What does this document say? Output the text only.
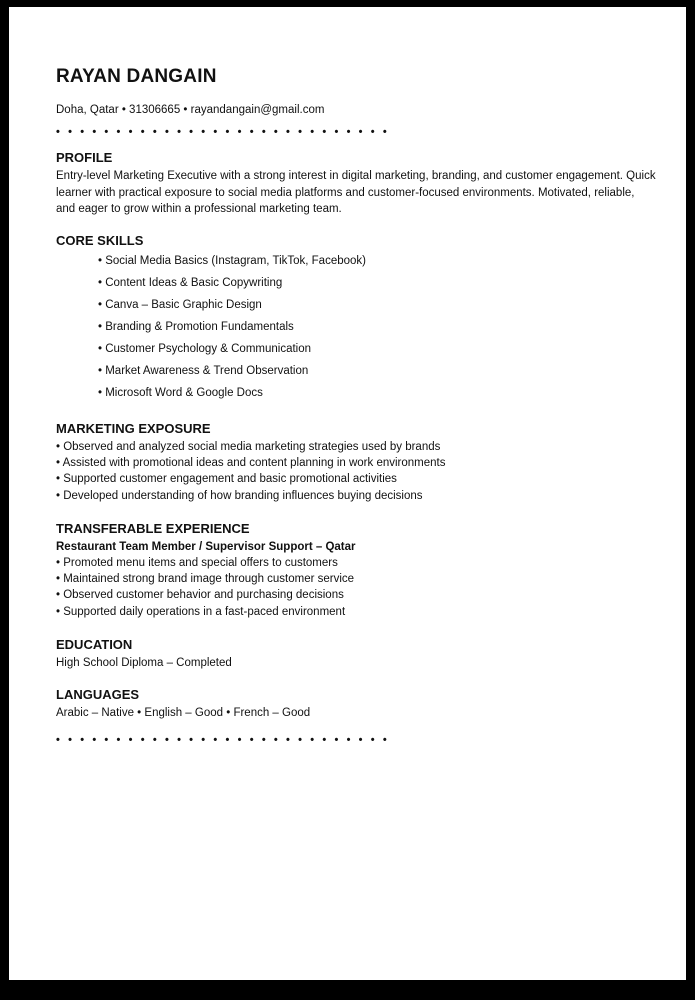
RAYAN DANGAIN
Doha, Qatar • 31306665 • rayandangain@gmail.com
• • • • • • • • • • • • • • • • • • • • • • • • • • • •
PROFILE

Entry-level Marketing Executive with a strong interest in digital marketing, branding, and customer engagement. Quick learner with practical exposure to social media platforms and customer-focused environments. Motivated, reliable, and eager to grow within a professional marketing team.

CORE SKILLS
• Social Media Basics (Instagram, TikTok, Facebook)
• Content Ideas & Basic Copywriting
• Canva – Basic Graphic Design
• Branding & Promotion Fundamentals
• Customer Psychology & Communication
• Market Awareness & Trend Observation
• Microsoft Word & Google Docs
MARKETING EXPOSURE
• Observed and analyzed social media marketing strategies used by brands
• Assisted with promotional ideas and content planning in work environments
• Supported customer engagement and basic promotional activities
• Developed understanding of how branding influences buying decisions
TRANSFERABLE EXPERIENCE
Restaurant Team Member / Supervisor Support – Qatar
• Promoted menu items and special offers to customers
• Maintained strong brand image through customer service
• Observed customer behavior and purchasing decisions
• Supported daily operations in a fast-paced environment
EDUCATION

High School Diploma – Completed

LANGUAGES

Arabic – Native • English – Good • French – Good

• • • • • • • • • • • • • • • • • • • • • • • • • • • •
